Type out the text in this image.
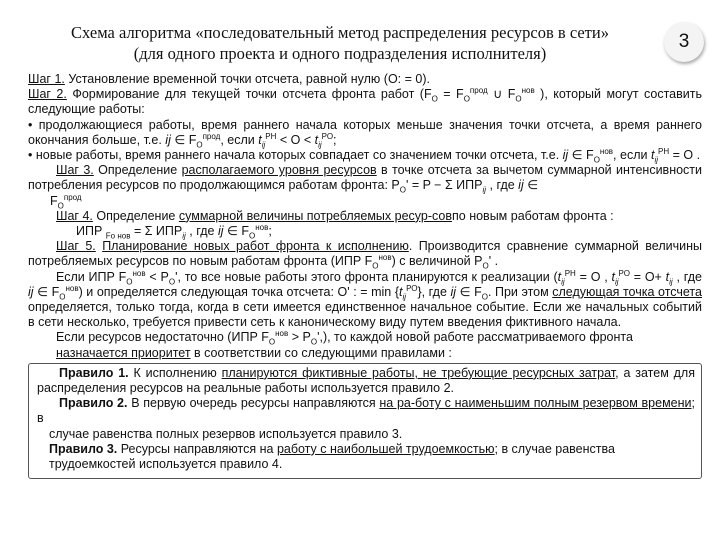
Схема алгоритма «последовательный метод распределения ресурсов в сети»
(для одного проекта и одного подразделения исполнителя)
3

Шаг 1. Установление временной точки отсчета, равной нулю (О: = 0).

Шаг 2. Формирование для текущей точки отсчета фронта работ ($F_O = F_O^{прод}$ ∪ $F_O^{нов}$ ), который могут составить следующие работы:

• продолжающиеся работы, время раннего начала которых меньше значения точки отсчета, а время раннего окончания больше, т.е. ij ∈ $F_O^{прод}$, если $t_{ij}^{РН} < O < t_{ij}^{РО}$;

• новые работы, время раннего начала которых совпадает со значением точки отсчета, т.е. ij ∈ $F_O^{нов}$, если $t_{ij}^{РН} = O$ .

Шаг 3. Определение располагаемого уровня ресурсов в точке отсчета за вычетом суммарной интенсивности потребления ресурсов по продолжающимся работам фронта: $P_O' = P - \Sigma$ $ИПР_{ij}$ , где ij ∈

$F_O^{прод}$

Шаг 4. Определение суммарной величины потребляемых ресур-совпо новым работам фронта :

ИПР $_{Fo нов}$ = Σ $ИПР_{ij}$ , где ij ∈ $F_O^{нов}$;

Шаг 5. Планирование новых работ фронта к исполнению. Производится сравнение суммарной величины потребляемых ресурсов по новым работам фронта (ИПР $F_O^{нов}$) с величиной $P_O'$ .

Если ИПР $F_O^{нов} < P_O'$, то все новые работы этого фронта планируются к реализации ($t_{ij}^{РН} = O$ , $t_{ij}^{РО} = O+ t_{ij}$ , где ij ∈ $F_O^{нов}$) и определяется следующая точка отсчета: O' : = $\min \{t_{ij}^{РО}\}$, где ij ∈ $F_O$. При этом следующая точка отсчета определяется, только тогда, когда в сети имеется единственное начальное событие. Если же начальных событий в сети несколько, требуется привести сеть к каноническому виду путем введения фиктивного начала.

Если ресурсов недостаточно (ИПР $F_O^{нов} > P_O'$,), то каждой новой работе рассматриваемого фронта

назначается приоритет в соответствии со следующими правилами :

Правило 1. К исполнению планируются фиктивные работы, не требующие ресурсных затрат, а затем для распределения ресурсов на реальные работы используется правило 2.

Правило 2. В первую очередь ресурсы направляются на ра-боту с наименьшим полным резервом времени; в

случае равенства полных резервов используется правило 3.

Правило 3. Ресурсы направляются на работу с наибольшей трудоемкостью; в случае равенства

трудоемкостей используется правило 4.
